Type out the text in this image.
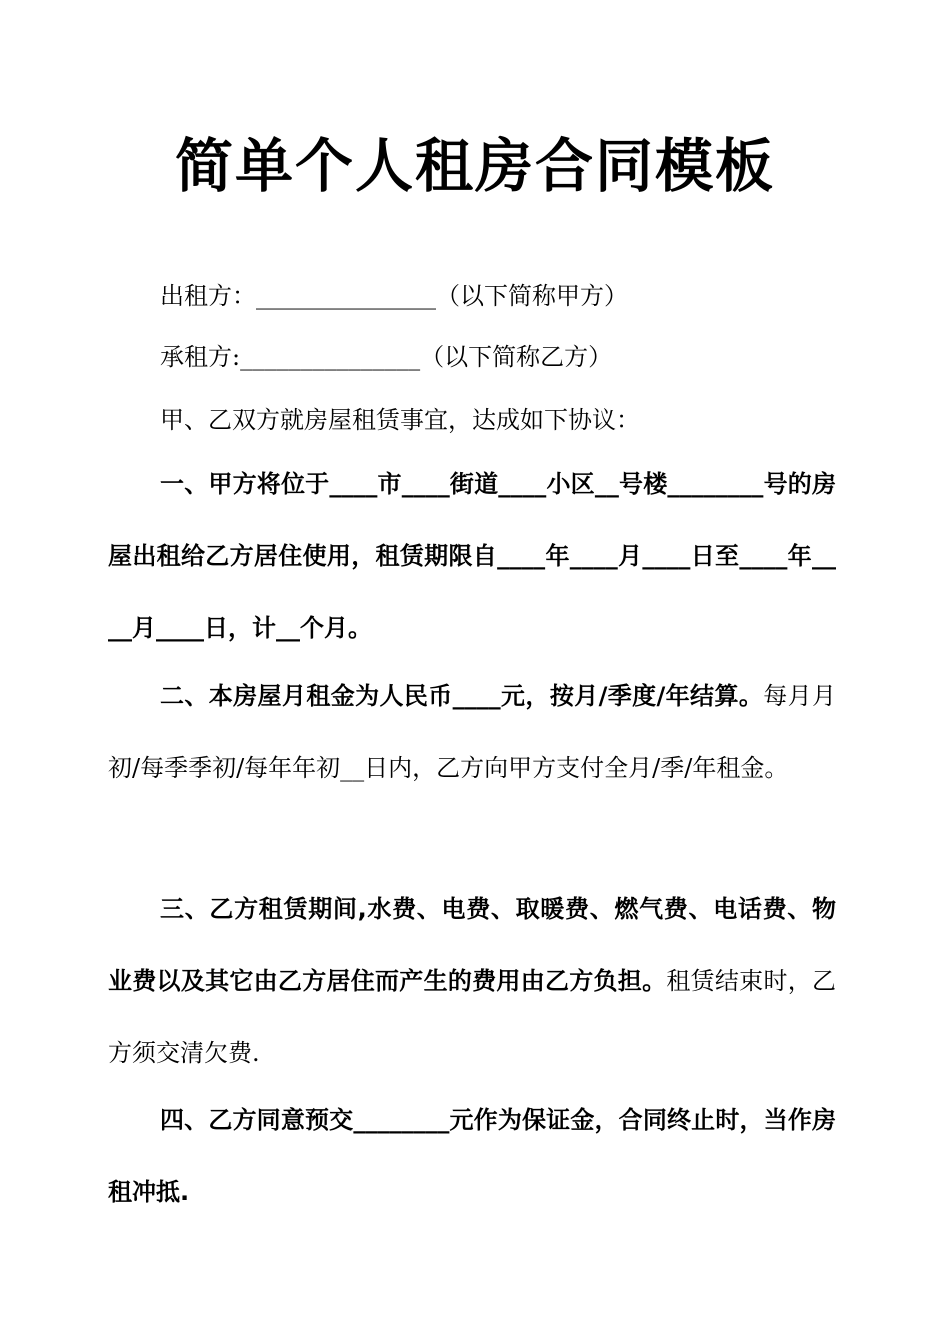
简单个人租房合同模板

出租方：_______________（以下简称甲方）

承租方:_______________（以下简称乙方）

甲、乙双方就房屋租赁事宜，达成如下协议：

一、甲方将位于____市____街道____小区__号楼________号的房屋出租给乙方居住使用，租赁期限自____年____月____日至____年____月____日，计__个月。

二、本房屋月租金为人民币____元，按月/季度/年结算。每月月初/每季季初/每年年初__日内，乙方向甲方支付全月/季/年租金。

三、乙方租赁期间,水费、电费、取暖费、燃气费、电话费、物业费以及其它由乙方居住而产生的费用由乙方负担。租赁结束时，乙方须交清欠费.

四、乙方同意预交________元作为保证金，合同终止时，当作房租冲抵.
